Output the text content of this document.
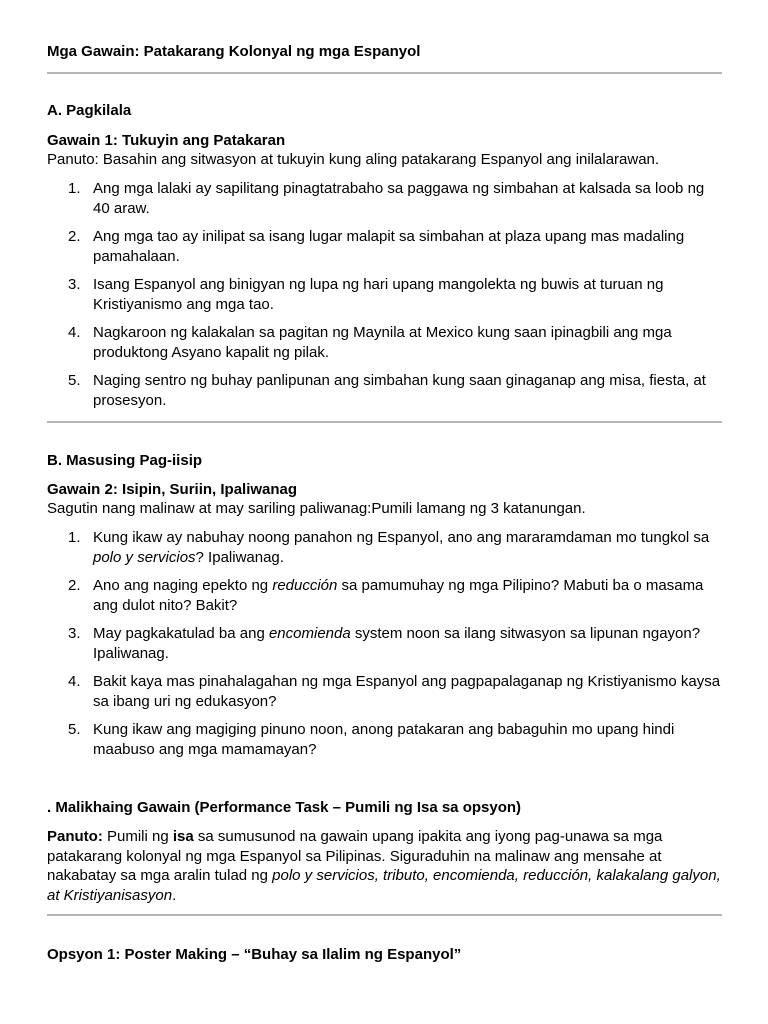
Mga Gawain: Patakarang Kolonyal ng mga Espanyol
A. Pagkilala
Gawain 1: Tukuyin ang Patakaran
Panuto: Basahin ang sitwasyon at tukuyin kung aling patakarang Espanyol ang inilalarawan.
1. Ang mga lalaki ay sapilitang pinagtatrabaho sa paggawa ng simbahan at kalsada sa loob ng 40 araw.
2. Ang mga tao ay inilipat sa isang lugar malapit sa simbahan at plaza upang mas madaling pamahalaan.
3. Isang Espanyol ang binigyan ng lupa ng hari upang mangolekta ng buwis at turuan ng Kristiyanismo ang mga tao.
4. Nagkaroon ng kalakalan sa pagitan ng Maynila at Mexico kung saan ipinagbili ang mga produktong Asyano kapalit ng pilak.
5. Naging sentro ng buhay panlipunan ang simbahan kung saan ginaganap ang misa, fiesta, at prosesyon.
B. Masusing Pag-iisip
Gawain 2: Isipin, Suriin, Ipaliwanag
Sagutin nang malinaw at may sariling paliwanag:Pumili lamang ng 3 katanungan.
1. Kung ikaw ay nabuhay noong panahon ng Espanyol, ano ang mararamdaman mo tungkol sa polo y servicios? Ipaliwanag.
2. Ano ang naging epekto ng reducción sa pamumuhay ng mga Pilipino? Mabuti ba o masama ang dulot nito? Bakit?
3. May pagkakatulad ba ang encomienda system noon sa ilang sitwasyon sa lipunan ngayon? Ipaliwanag.
4. Bakit kaya mas pinahalagahan ng mga Espanyol ang pagpapalaganap ng Kristiyanismo kaysa sa ibang uri ng edukasyon?
5. Kung ikaw ang magiging pinuno noon, anong patakaran ang babaguhin mo upang hindi maabuso ang mga mamamayan?
. Malikhaing Gawain (Performance Task – Pumili ng Isa sa opsyon)
Panuto: Pumili ng isa sa sumusunod na gawain upang ipakita ang iyong pag-unawa sa mga patakarang kolonyal ng mga Espanyol sa Pilipinas. Siguraduhin na malinaw ang mensahe at nakabatay sa mga aralin tulad ng polo y servicios, tributo, encomienda, reducción, kalakalang galyon, at Kristiyanisasyon.
Opsyon 1: Poster Making – “Buhay sa Ilalim ng Espanyol”
